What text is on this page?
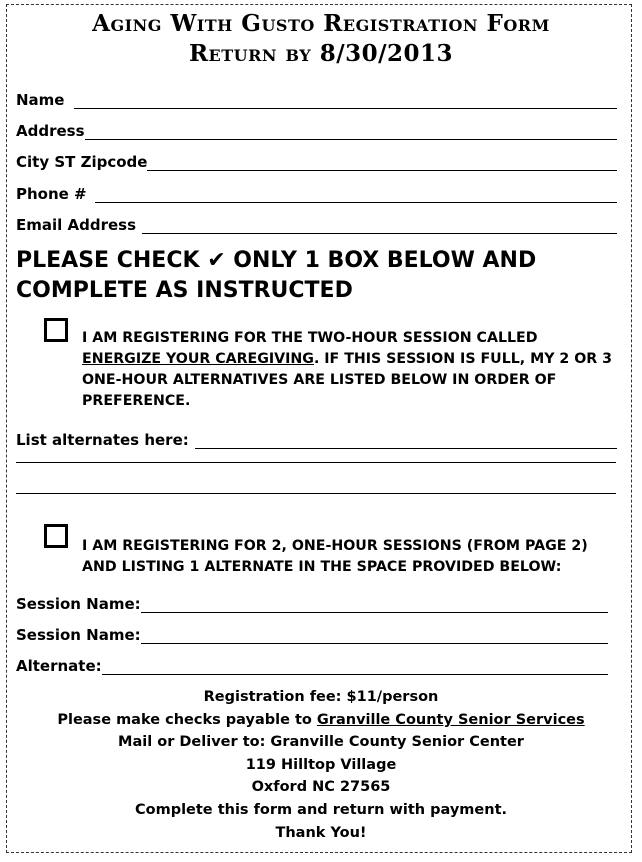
Aging With Gusto Registration Form
Return by 8/30/2013
Name
Address
City ST Zipcode
Phone #
Email Address
PLEASE CHECK ✔ ONLY 1 BOX BELOW AND
COMPLETE AS INSTRUCTED
I AM REGISTERING FOR THE TWO-HOUR SESSION CALLED
ENERGIZE YOUR CAREGIVING. IF THIS SESSION IS FULL, MY 2 OR 3
ONE-HOUR ALTERNATIVES ARE LISTED BELOW IN ORDER OF
PREFERENCE.
List alternates here:
I AM REGISTERING FOR 2, ONE-HOUR SESSIONS (FROM PAGE 2)
AND LISTING 1 ALTERNATE IN THE SPACE PROVIDED BELOW:
Session Name:
Session Name:
Alternate:
Registration fee: $11/person
Please make checks payable to Granville County Senior Services
Mail or Deliver to: Granville County Senior Center
119 Hilltop Village
Oxford NC 27565
Complete this form and return with payment.
Thank You!
